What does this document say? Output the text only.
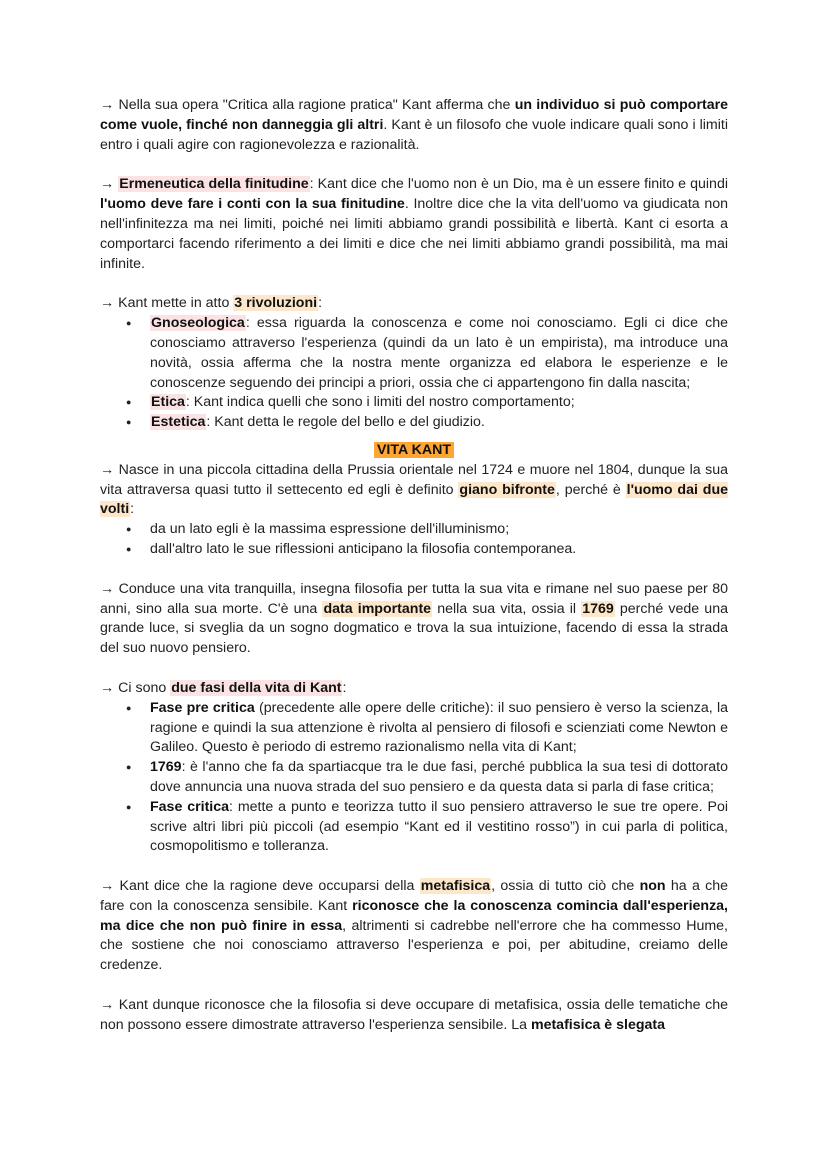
→ Nella sua opera "Critica alla ragione pratica" Kant afferma che un individuo si può comportare come vuole, finché non danneggia gli altri. Kant è un filosofo che vuole indicare quali sono i limiti entro i quali agire con ragionevolezza e razionalità.

→ Ermeneutica della finitudine: Kant dice che l'uomo non è un Dio, ma è un essere finito e quindi l'uomo deve fare i conti con la sua finitudine. Inoltre dice che la vita dell'uomo va giudicata non nell'infinitezza ma nei limiti, poiché nei limiti abbiamo grandi possibilità e libertà. Kant ci esorta a comportarci facendo riferimento a dei limiti e dice che nei limiti abbiamo grandi possibilità, ma mai infinite.

→ Kant mette in atto 3 rivoluzioni:

● Gnoseologica: essa riguarda la conoscenza e come noi conosciamo. Egli ci dice che conosciamo attraverso l'esperienza (quindi da un lato è un empirista), ma introduce una novità, ossia afferma che la nostra mente organizza ed elabora le esperienze e le conoscenze seguendo dei principi a priori, ossia che ci appartengono fin dalla nascita;
● Etica: Kant indica quelli che sono i limiti del nostro comportamento;
● Estetica: Kant detta le regole del bello e del giudizio.

VITA KANT

→ Nasce in una piccola cittadina della Prussia orientale nel 1724 e muore nel 1804, dunque la sua vita attraversa quasi tutto il settecento ed egli è definito giano bifronte, perché è l'uomo dai due volti:

● da un lato egli è la massima espressione dell'illuminismo;
● dall'altro lato le sue riflessioni anticipano la filosofia contemporanea.

→ Conduce una vita tranquilla, insegna filosofia per tutta la sua vita e rimane nel suo paese per 80 anni, sino alla sua morte. C'è una data importante nella sua vita, ossia il 1769 perché vede una grande luce, si sveglia da un sogno dogmatico e trova la sua intuizione, facendo di essa la strada del suo nuovo pensiero.

→ Ci sono due fasi della vita di Kant:

● Fase pre critica (precedente alle opere delle critiche): il suo pensiero è verso la scienza, la ragione e quindi la sua attenzione è rivolta al pensiero di filosofi e scienziati come Newton e Galileo. Questo è periodo di estremo razionalismo nella vita di Kant;
● 1769: è l'anno che fa da spartiacque tra le due fasi, perché pubblica la sua tesi di dottorato dove annuncia una nuova strada del suo pensiero e da questa data si parla di fase critica;
● Fase critica: mette a punto e teorizza tutto il suo pensiero attraverso le sue tre opere. Poi scrive altri libri più piccoli (ad esempio “Kant ed il vestitino rosso”) in cui parla di politica, cosmopolitismo e tolleranza.

→ Kant dice che la ragione deve occuparsi della metafisica, ossia di tutto ciò che non ha a che fare con la conoscenza sensibile. Kant riconosce che la conoscenza comincia dall'esperienza, ma dice che non può finire in essa, altrimenti si cadrebbe nell'errore che ha commesso Hume, che sostiene che noi conosciamo attraverso l'esperienza e poi, per abitudine, creiamo delle credenze.

→ Kant dunque riconosce che la filosofia si deve occupare di metafisica, ossia delle tematiche che non possono essere dimostrate attraverso l'esperienza sensibile. La metafisica è slegata
